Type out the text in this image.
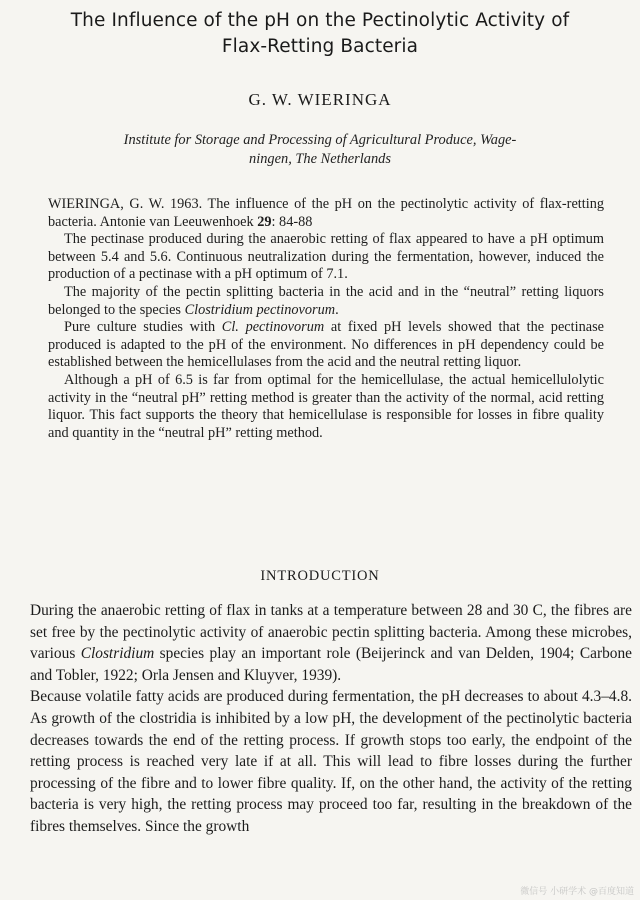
The Influence of the pH on the Pectinolytic Activity of
Flax-Retting Bacteria

G. W. WIERINGA

Institute for Storage and Processing of Agricultural Produce, Wage-
ningen, The Netherlands

WIERINGA, G. W. 1963. The influence of the pH on the pectinolytic activity of flax-retting bacteria. Antonie van Leeuwenhoek 29: 84-88

The pectinase produced during the anaerobic retting of flax appeared to have a pH optimum between 5.4 and 5.6. Continuous neutralization during the fermentation, however, induced the production of a pectinase with a pH optimum of 7.1.

The majority of the pectin splitting bacteria in the acid and in the “neutral” retting liquors belonged to the species Clostridium pectinovorum.

Pure culture studies with Cl. pectinovorum at fixed pH levels showed that the pectinase produced is adapted to the pH of the environment. No differences in pH dependency could be established between the hemicellulases from the acid and the neutral retting liquor.

Although a pH of 6.5 is far from optimal for the hemicellulase, the actual hemicellulolytic activity in the “neutral pH” retting method is greater than the activity of the normal, acid retting liquor. This fact supports the theory that hemicellulase is responsible for losses in fibre quality and quantity in the “neutral pH” retting method.

INTRODUCTION

During the anaerobic retting of flax in tanks at a temperature between 28 and 30 C, the fibres are set free by the pectinolytic activity of anaerobic pectin splitting bacteria. Among these microbes, various Clostridium species play an important role (Beijerinck and van Delden, 1904; Carbone and Tobler, 1922; Orla Jensen and Kluyver, 1939).

Because volatile fatty acids are produced during fermentation, the pH decreases to about 4.3–4.8. As growth of the clostridia is inhibited by a low pH, the development of the pectinolytic bacteria decreases towards the end of the retting process. If growth stops too early, the endpoint of the retting process is reached very late if at all. This will lead to fibre losses during the further processing of the fibre and to lower fibre quality. If, on the other hand, the activity of the retting bacteria is very high, the retting process may proceed too far, resulting in the breakdown of the fibres themselves. Since the growth

微信号 小研学术 @百度知道
